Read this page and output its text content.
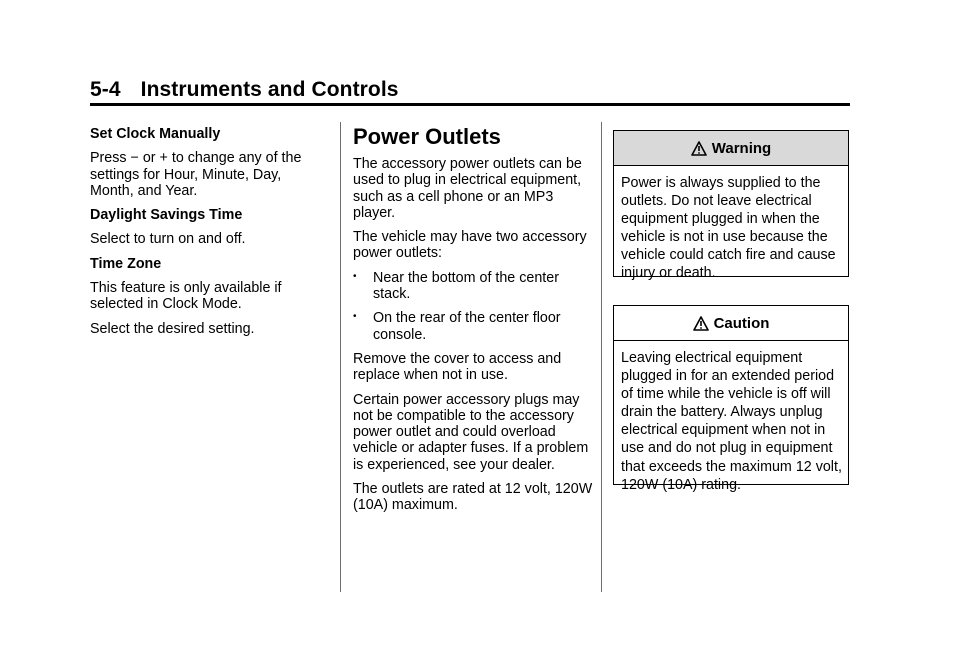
5-4 Instruments and Controls

Set Clock Manually

Press − or + to change any of the settings for Hour, Minute, Day, Month, and Year.

Daylight Savings Time

Select to turn on and off.

Time Zone

This feature is only available if selected in Clock Mode.

Select the desired setting.

Power Outlets

The accessory power outlets can be used to plug in electrical equipment, such as a cell phone or an MP3 player.

The vehicle may have two accessory power outlets:

• Near the bottom of the center stack.
• On the rear of the center floor console.

Remove the cover to access and replace when not in use.

Certain power accessory plugs may not be compatible to the accessory power outlet and could overload vehicle or adapter fuses. If a problem is experienced, see your dealer.

The outlets are rated at 12 volt, 120W (10A) maximum.

Warning
Power is always supplied to the outlets. Do not leave electrical equipment plugged in when the vehicle is not in use because the vehicle could catch fire and cause injury or death.
Caution
Leaving electrical equipment plugged in for an extended period of time while the vehicle is off will drain the battery. Always unplug electrical equipment when not in use and do not plug in equipment that exceeds the maximum 12 volt, 120W (10A) rating.
